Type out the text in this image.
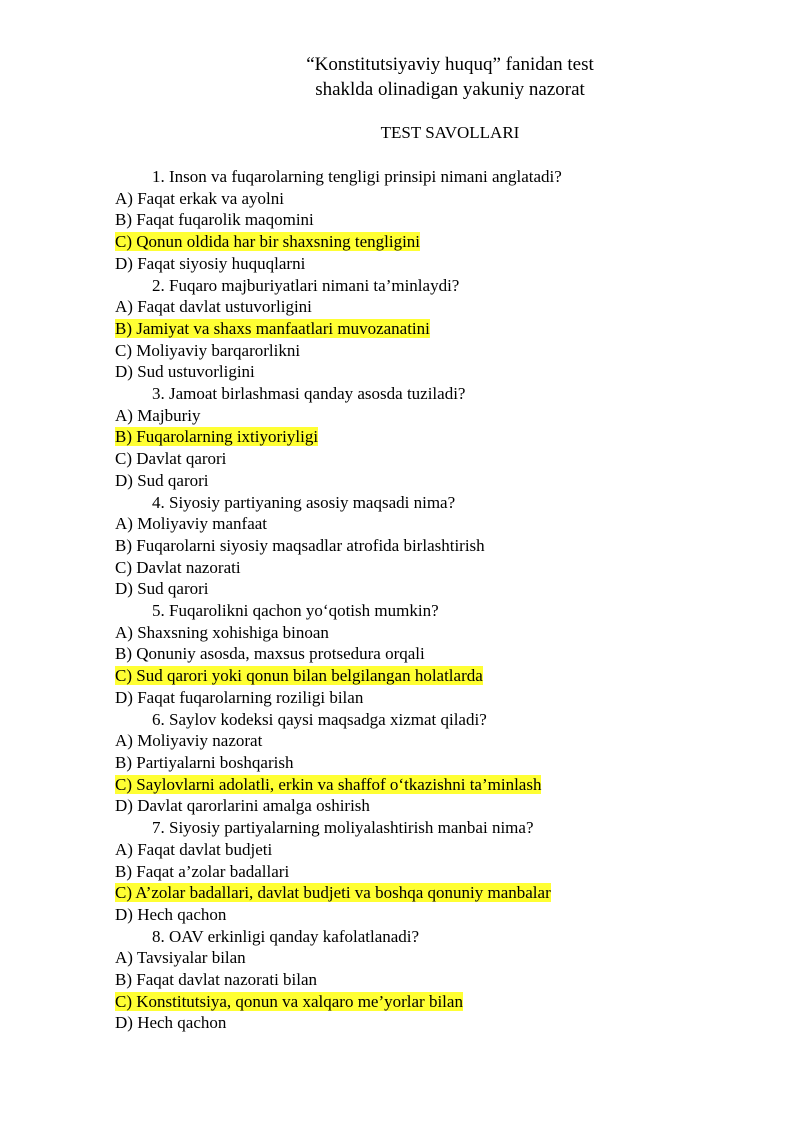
“Konstitutsiyaviy huquq” fanidan test
shaklda olinadigan yakuniy nazorat
TEST SAVOLLARI
1. Inson va fuqarolarning tengligi prinsipi nimani anglatadi?
A) Faqat erkak va ayolni
B) Faqat fuqarolik maqomini
C) Qonun oldida har bir shaxsning tengligini
D) Faqat siyosiy huquqlarni
2. Fuqaro majburiyatlari nimani ta’minlaydi?
A) Faqat davlat ustuvorligini
B) Jamiyat va shaxs manfaatlari muvozanatini
C) Moliyaviy barqarorlikni
D) Sud ustuvorligini
3. Jamoat birlashmasi qanday asosda tuziladi?
A) Majburiy
B) Fuqarolarning ixtiyoriyligi
C) Davlat qarori
D) Sud qarori
4. Siyosiy partiyaning asosiy maqsadi nima?
A) Moliyaviy manfaat
B) Fuqarolarni siyosiy maqsadlar atrofida birlashtirish
C) Davlat nazorati
D) Sud qarori
5. Fuqarolikni qachon yo‘qotish mumkin?
A) Shaxsning xohishiga binoan
B) Qonuniy asosda, maxsus protsedura orqali
C) Sud qarori yoki qonun bilan belgilangan holatlarda
D) Faqat fuqarolarning roziligi bilan
6. Saylov kodeksi qaysi maqsadga xizmat qiladi?
A) Moliyaviy nazorat
B) Partiyalarni boshqarish
C) Saylovlarni adolatli, erkin va shaffof o‘tkazishni ta’minlash
D) Davlat qarorlarini amalga oshirish
7. Siyosiy partiyalarning moliyalashtirish manbai nima?
A) Faqat davlat budjeti
B) Faqat a’zolar badallari
C) A’zolar badallari, davlat budjeti va boshqa qonuniy manbalar
D) Hech qachon
8. OAV erkinligi qanday kafolatlanadi?
A) Tavsiyalar bilan
B) Faqat davlat nazorati bilan
C) Konstitutsiya, qonun va xalqaro me’yorlar bilan
D) Hech qachon
